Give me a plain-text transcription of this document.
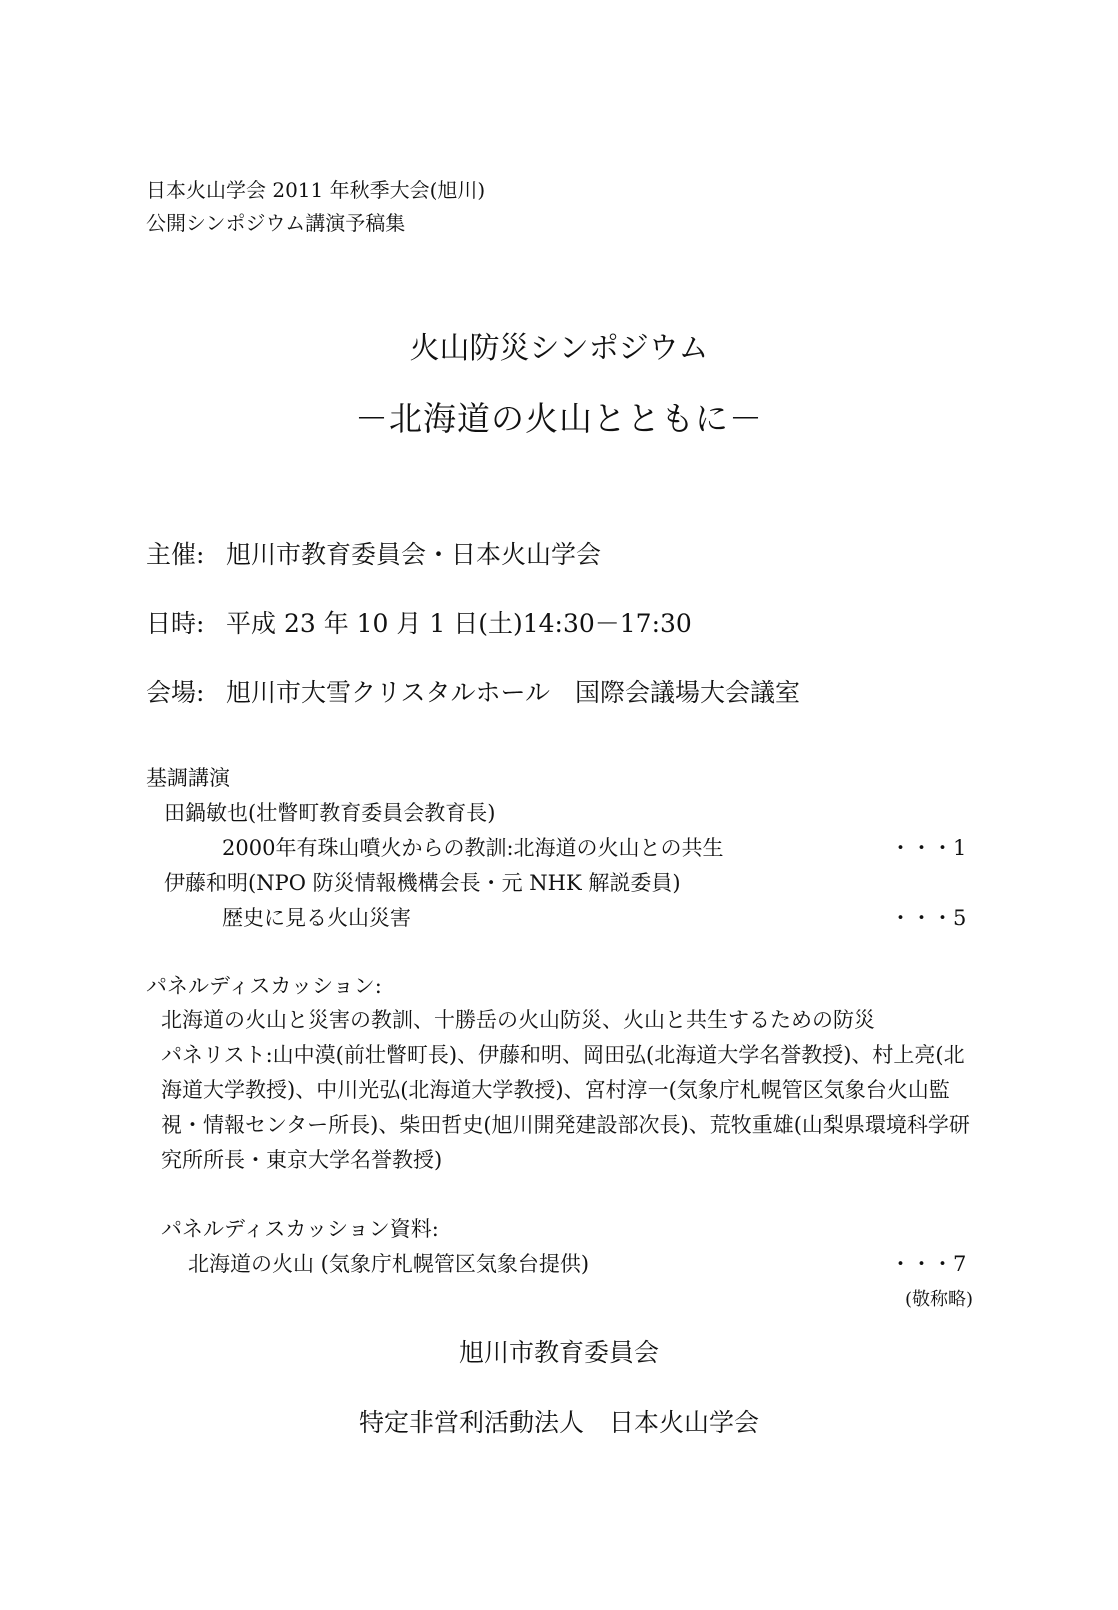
日本火山学会 2011 年秋季大会(旭川)
公開シンポジウム講演予稿集
火山防災シンポジウム
－北海道の火山とともに－
主催: 旭川市教育委員会・日本火山学会
日時: 平成 23 年 10 月 1 日(土)14:30－17:30
会場: 旭川市大雪クリスタルホール　国際会議場大会議室
基調講演
田鍋敏也(壮瞥町教育委員会教育長)
2000年有珠山噴火からの教訓:北海道の火山との共生	・・・1
伊藤和明(NPO 防災情報機構会長・元 NHK 解説委員)
歴史に見る火山災害	・・・5
パネルディスカッション:
北海道の火山と災害の教訓、十勝岳の火山防災、火山と共生するための防災
パネリスト:山中漠(前壮瞥町長)、伊藤和明、岡田弘(北海道大学名誉教授)、村上亮(北海道大学教授)、中川光弘(北海道大学教授)、宮村淳一(気象庁札幌管区気象台火山監視・情報センター所長)、柴田哲史(旭川開発建設部次長)、荒牧重雄(山梨県環境科学研究所所長・東京大学名誉教授)
パネルディスカッション資料:
北海道の火山 (気象庁札幌管区気象台提供)	・・・7
(敬称略)
旭川市教育委員会
特定非営利活動法人　日本火山学会
